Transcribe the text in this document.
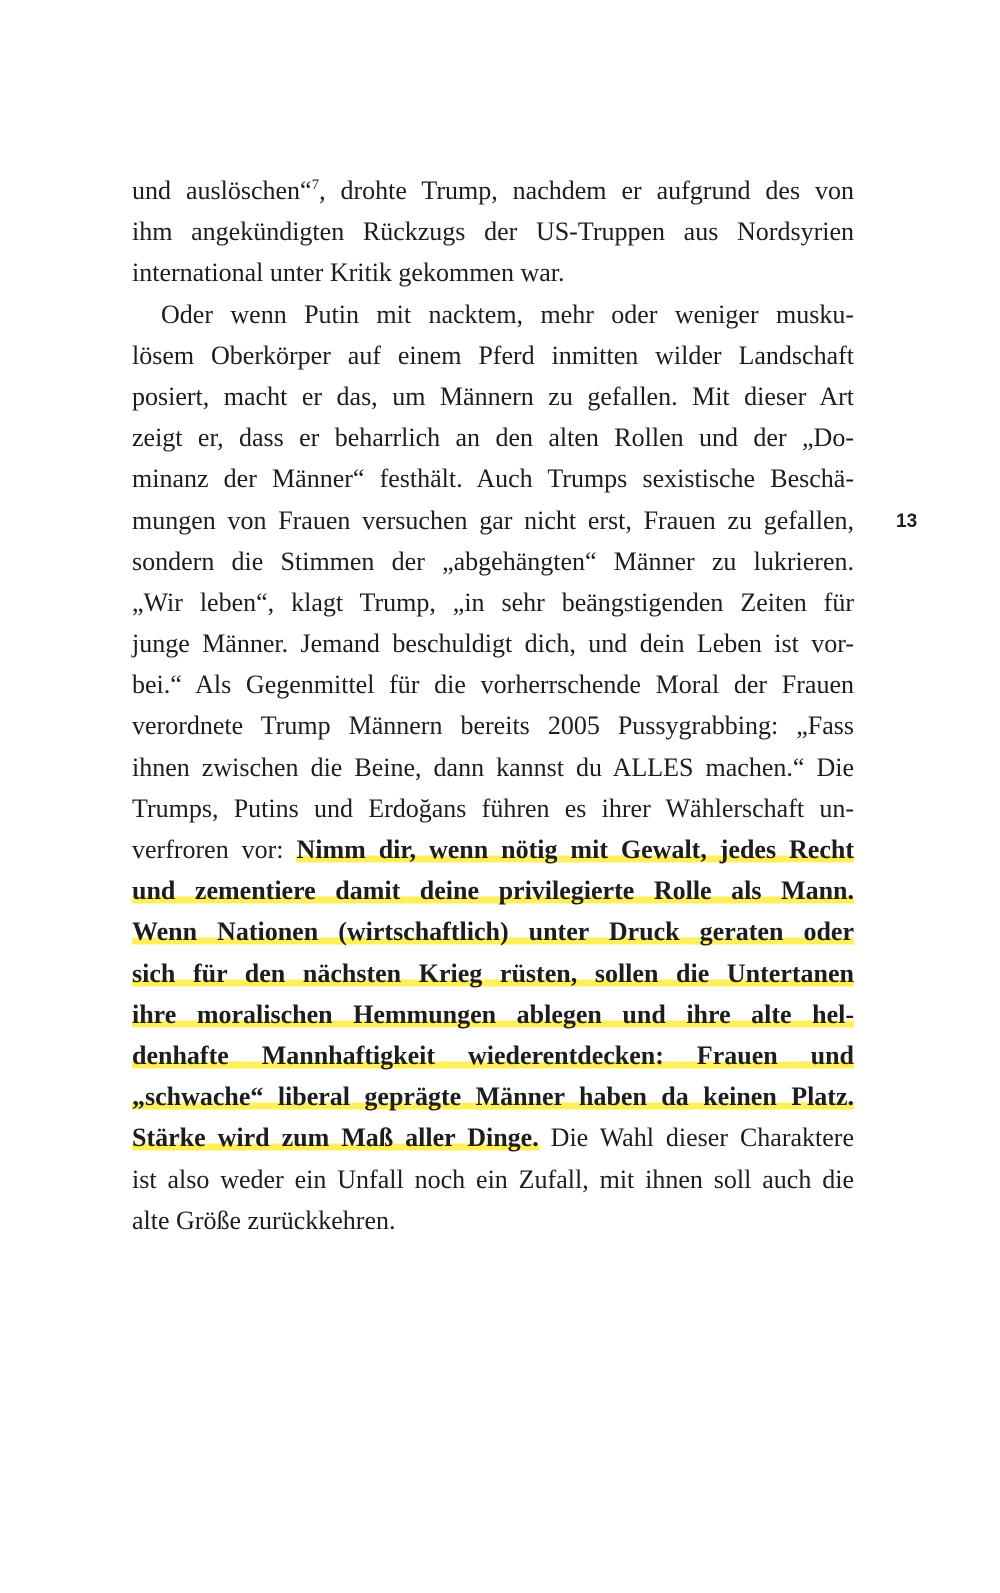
und auslöschen“$^7$, drohte Trump, nachdem er aufgrund des von
ihm angekündigten Rückzugs der US-Truppen aus Nordsyrien
international unter Kritik gekommen war.
Oder wenn Putin mit nacktem, mehr oder weniger musku-
lösem Oberkörper auf einem Pferd inmitten wilder Landschaft
posiert, macht er das, um Männern zu gefallen. Mit dieser Art
zeigt er, dass er beharrlich an den alten Rollen und der „Do-
minanz der Männer“ festhält. Auch Trumps sexistische Beschä-
mungen von Frauen versuchen gar nicht erst, Frauen zu gefallen,
sondern die Stimmen der „abgehängten“ Männer zu lukrieren.
„Wir leben“, klagt Trump, „in sehr beängstigenden Zeiten für
junge Männer. Jemand beschuldigt dich, und dein Leben ist vor-
bei.“ Als Gegenmittel für die vorherrschende Moral der Frauen
verordnete Trump Männern bereits 2005 Pussygrabbing: „Fass
ihnen zwischen die Beine, dann kannst du ALLES machen.“ Die
Trumps, Putins und Erdoğans führen es ihrer Wählerschaft un-
verfroren vor: Nimm dir, wenn nötig mit Gewalt, jedes Recht
und zementiere damit deine privilegierte Rolle als Mann.
Wenn Nationen (wirtschaftlich) unter Druck geraten oder
sich für den nächsten Krieg rüsten, sollen die Untertanen
ihre moralischen Hemmungen ablegen und ihre alte hel-
denhafte Mannhaftigkeit wiederentdecken: Frauen und
„schwache“ liberal geprägte Männer haben da keinen Platz.
Stärke wird zum Maß aller Dinge. Die Wahl dieser Charaktere
ist also weder ein Unfall noch ein Zufall, mit ihnen soll auch die
alte Größe zurückkehren.
13
